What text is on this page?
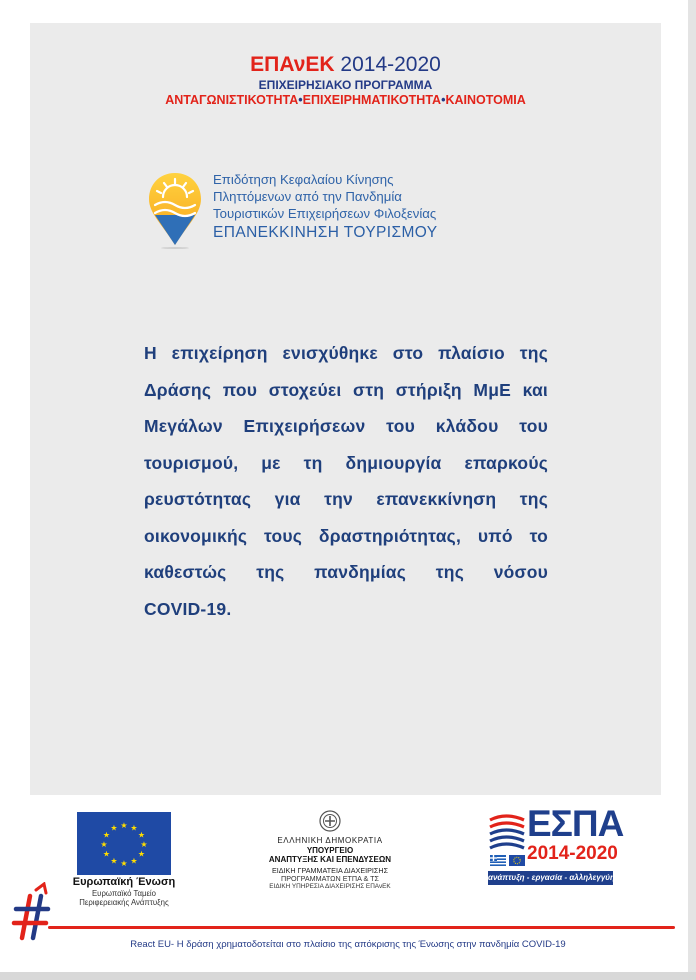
ΕΠΑνΕΚ 2014-2020
ΕΠΙΧΕΙΡΗΣΙΑΚΟ ΠΡΟΓΡΑΜΜΑ
ΑΝΤΑΓΩΝΙΣΤΙΚΟΤΗΤΑ•ΕΠΙΧΕΙΡΗΜΑΤΙΚΟΤΗΤΑ•ΚΑΙΝΟΤΟΜΙΑ
Επιδότηση Κεφαλαίου Κίνησης
Πληττόμενων από την Πανδημία
Τουριστικών Επιχειρήσεων Φιλοξενίας
ΕΠΑΝΕΚΚΙΝΗΣΗ ΤΟΥΡΙΣΜΟΥ
Η επιχείρηση ενισχύθηκε στο πλαίσιο της
Δράσης που στοχεύει στη στήριξη ΜμΕ και
Μεγάλων Επιχειρήσεων του κλάδου του
τουρισμού, με τη δημιουργία επαρκούς
ρευστότητας για την επανεκκίνηση της
οικονομικής τους δραστηριότητας, υπό το
καθεστώς της πανδημίας της νόσου
COVID-19.
★ ★
★
★
★
★
★
★
★
★
★
★
Ευρωπαϊκή Ένωση
Ευρωπαϊκό Ταμείο
Περιφερειακής Ανάπτυξης
ΕΛΛΗΝΙΚΗ ΔΗΜΟΚΡΑΤΙΑ
ΥΠΟΥΡΓΕΙΟ
ΑΝΑΠΤΥΞΗΣ ΚΑΙ ΕΠΕΝΔΥΣΕΩΝ
ΕΙΔΙΚΗ ΓΡΑΜΜΑΤΕΙΑ ΔΙΑΧΕΙΡΙΣΗΣ
ΠΡΟΓΡΑΜΜΑΤΩΝ ΕΤΠΑ & ΤΣ
ΕΙΔΙΚΗ ΥΠΗΡΕΣΙΑ ΔΙΑΧΕΙΡΙΣΗΣ ΕΠΑνΕΚ
ΕΣΠΑ
2014-2020
ανάπτυξη - εργασία - αλληλεγγύη
React EU- Η δράση χρηματοδοτείται στο πλαίσιο της απόκρισης της Ένωσης στην πανδημία COVID-19
